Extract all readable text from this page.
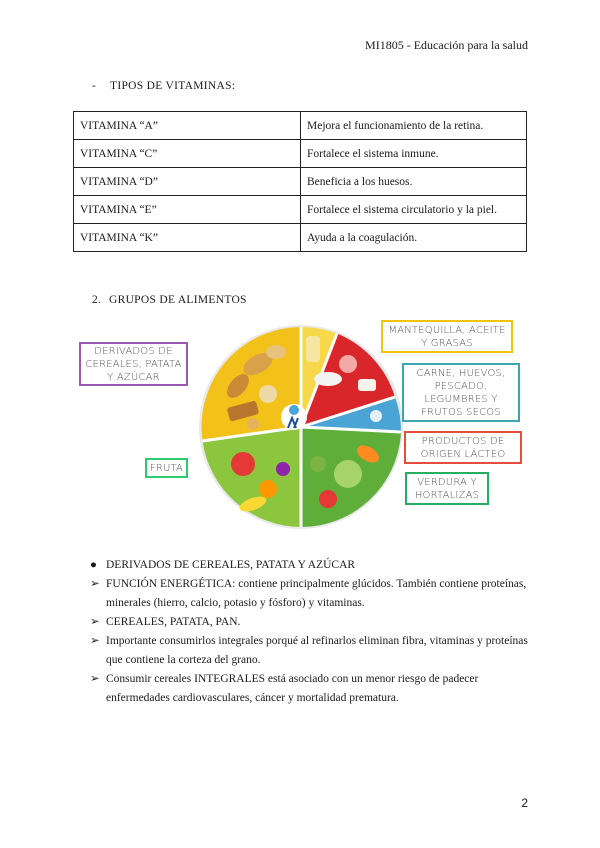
MI1805 - Educación para la salud
- TIPOS DE VITAMINAS:
VITAMINA “A”	Mejora el funcionamiento de la retina.
VITAMINA “C”	Fortalece el sistema inmune.
VITAMINA “D”	Beneficia a los huesos.
VITAMINA “E”	Fortalece el sistema circulatorio y la piel.
VITAMINA “K”	Ayuda a la coagulación.
2. GRUPOS DE ALIMENTOS
DERIVADOS DE CEREALES, PATATA Y AZÚCAR
MANTEQUILLA, ACEITE Y GRASAS
CARNE, HUEVOS, PESCADO, LEGUMBRES Y FRUTOS SECOS
PRODUCTOS DE ORIGEN LÁCTEO
FRUTA
VERDURA Y HORTALIZAS
● DERIVADOS DE CEREALES, PATATA Y AZÚCAR
➢ FUNCIÓN ENERGÉTICA: contiene principalmente glúcidos. También contiene proteínas, minerales (hierro, calcio, potasio y fósforo) y vitaminas.
➢ CEREALES, PATATA, PAN.
➢ Importante consumirlos integrales porqué al refinarlos eliminan fibra, vitaminas y proteínas que contiene la corteza del grano.
➢ Consumir cereales INTEGRALES está asociado con un menor riesgo de padecer enfermedades cardiovasculares, cáncer y mortalidad prematura.
2
